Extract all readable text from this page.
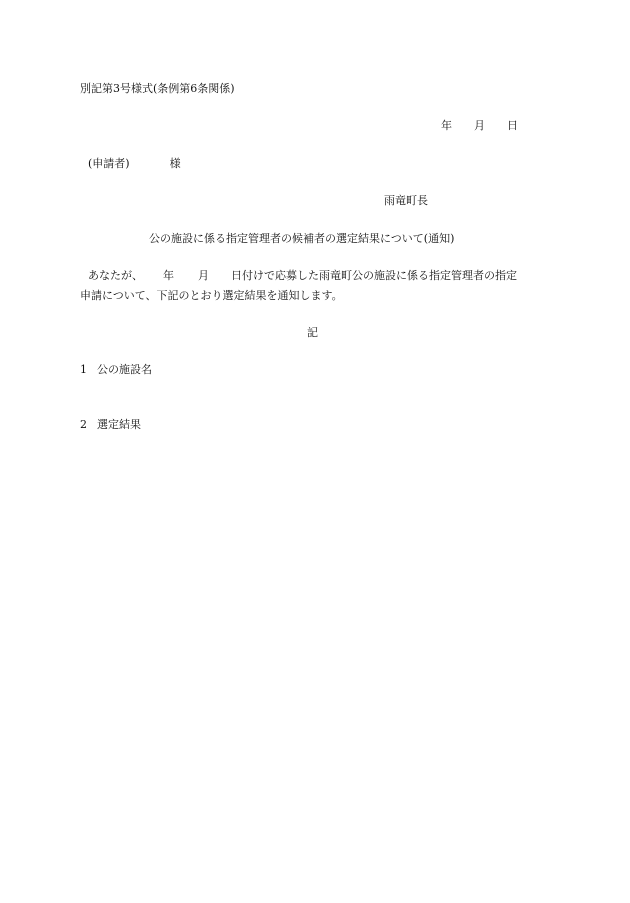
別記第3号様式(条例第6条関係)
年 月 日
(申請者)	様
雨竜町長
公の施設に係る指定管理者の候補者の選定結果について(通知)
あなたが、 年 月 日付けで応募した雨竜町公の施設に係る指定管理者の指定
申請について、下記のとおり選定結果を通知します。
記
1 公の施設名
2 選定結果
